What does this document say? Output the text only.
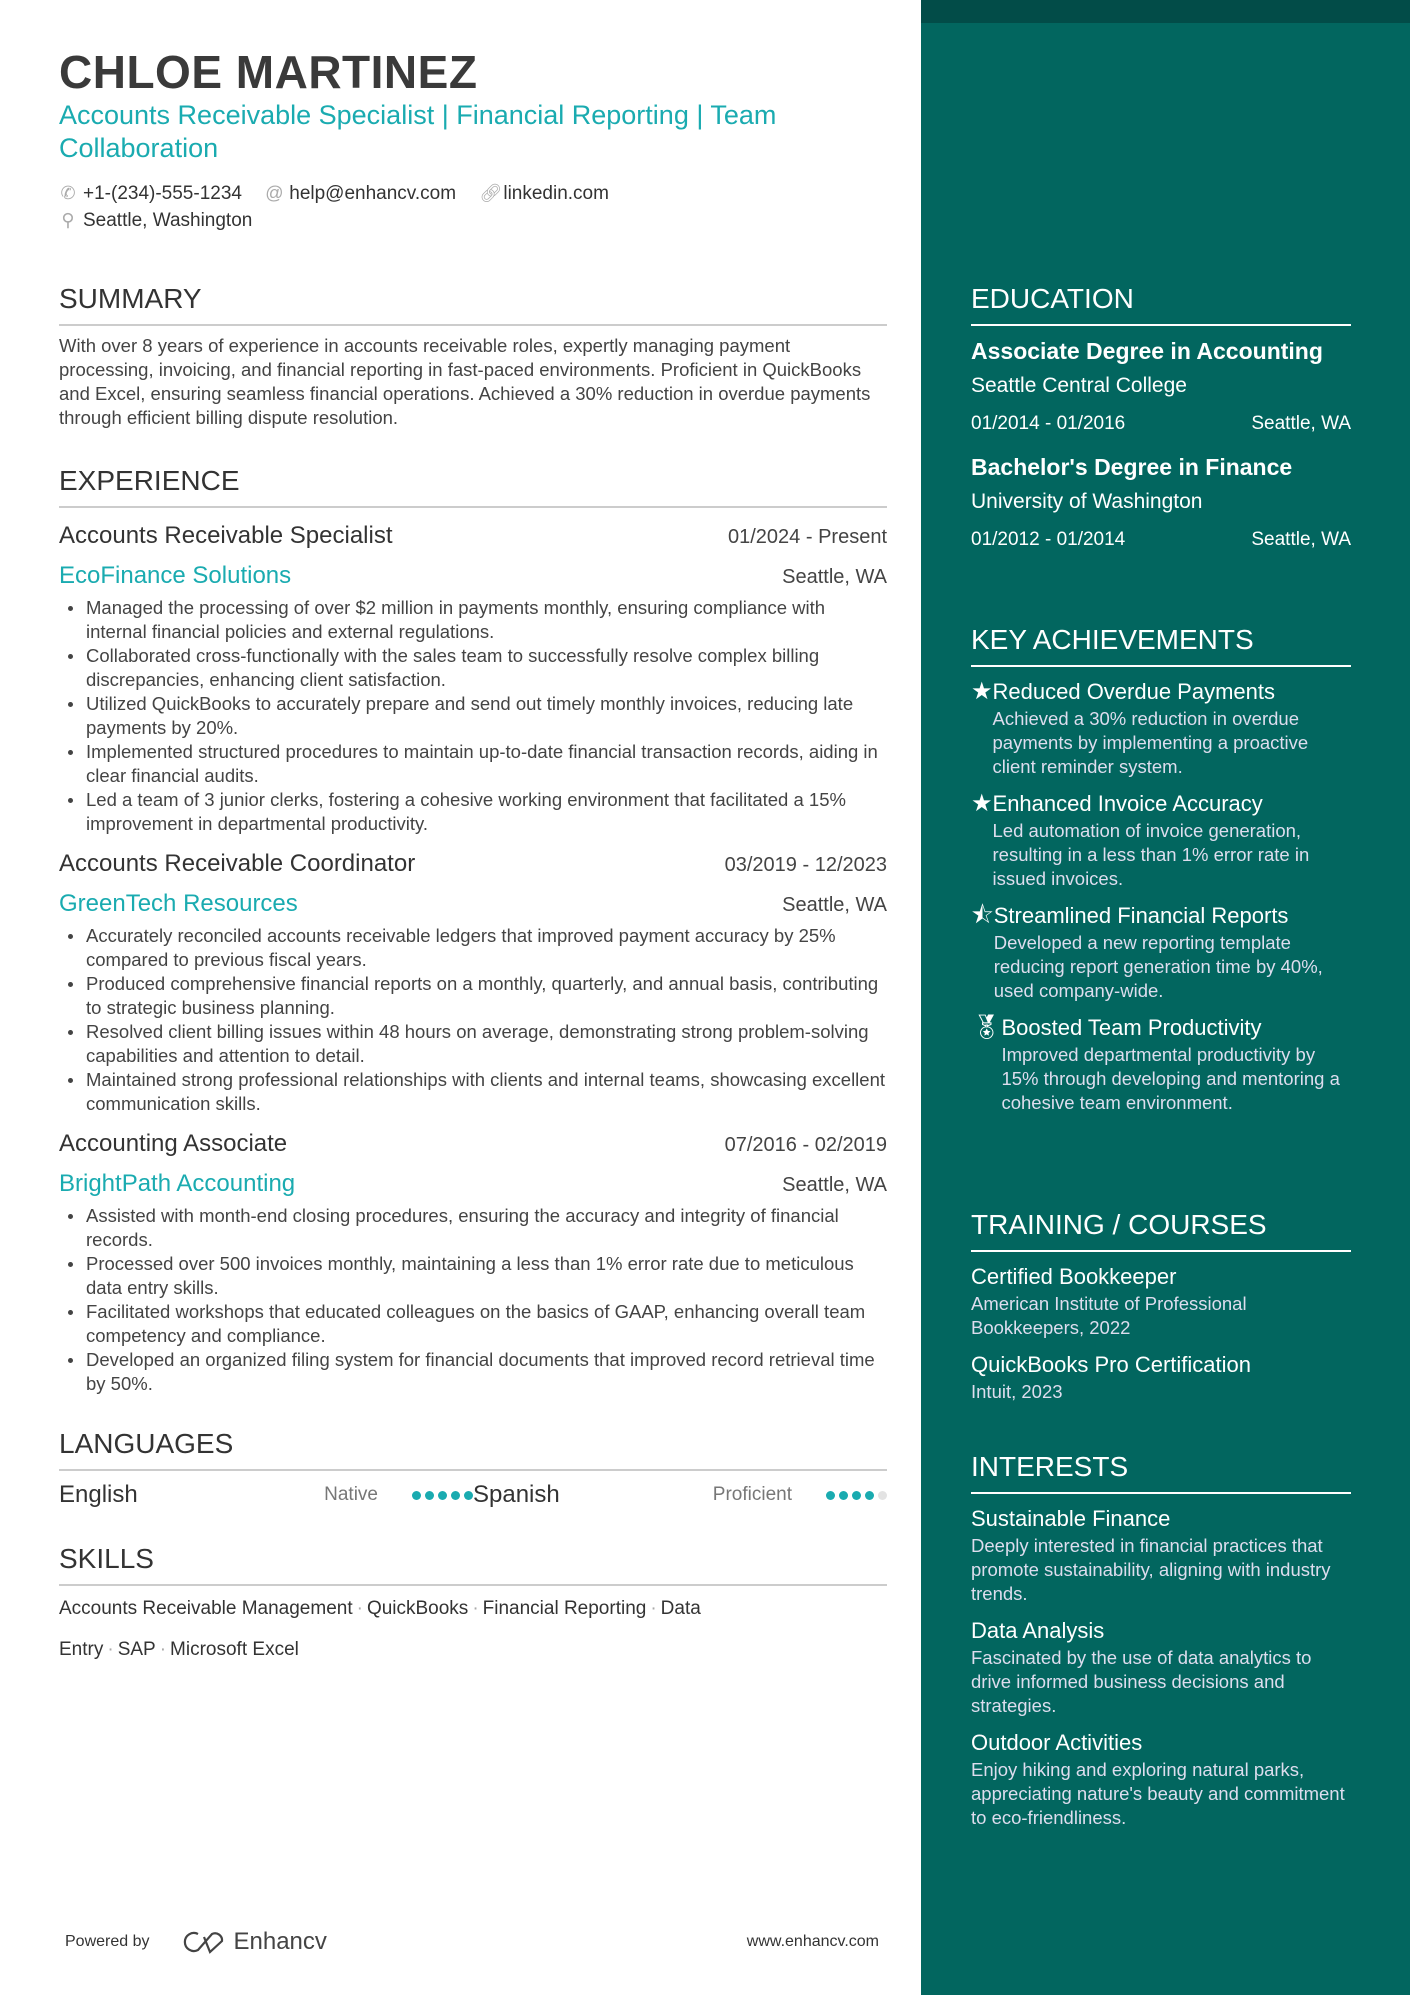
CHLOE MARTINEZ
Accounts Receivable Specialist | Financial Reporting | Team Collaboration
✆ +1-(234)-555-1234
@ help@enhancv.com
🔗︎ linkedin.com
⚲ Seattle, Washington
SUMMARY
With over 8 years of experience in accounts receivable roles, expertly managing payment processing, invoicing, and financial reporting in fast-paced environments. Proficient in QuickBooks and Excel, ensuring seamless financial operations. Achieved a 30% reduction in overdue payments through efficient billing dispute resolution.
EXPERIENCE
Accounts Receivable Specialist	01/2024 - Present
EcoFinance Solutions	Seattle, WA
Managed the processing of over $2 million in payments monthly, ensuring compliance with internal financial policies and external regulations.
Collaborated cross-functionally with the sales team to successfully resolve complex billing discrepancies, enhancing client satisfaction.
Utilized QuickBooks to accurately prepare and send out timely monthly invoices, reducing late payments by 20%.
Implemented structured procedures to maintain up-to-date financial transaction records, aiding in clear financial audits.
Led a team of 3 junior clerks, fostering a cohesive working environment that facilitated a 15% improvement in departmental productivity.
Accounts Receivable Coordinator	03/2019 - 12/2023
GreenTech Resources	Seattle, WA
Accurately reconciled accounts receivable ledgers that improved payment accuracy by 25% compared to previous fiscal years.
Produced comprehensive financial reports on a monthly, quarterly, and annual basis, contributing to strategic business planning.
Resolved client billing issues within 48 hours on average, demonstrating strong problem-solving capabilities and attention to detail.
Maintained strong professional relationships with clients and internal teams, showcasing excellent communication skills.
Accounting Associate	07/2016 - 02/2019
BrightPath Accounting	Seattle, WA
Assisted with month-end closing procedures, ensuring the accuracy and integrity of financial records.
Processed over 500 invoices monthly, maintaining a less than 1% error rate due to meticulous data entry skills.
Facilitated workshops that educated colleagues on the basics of GAAP, enhancing overall team competency and compliance.
Developed an organized filing system for financial documents that improved record retrieval time by 50%.
LANGUAGES
English	Native	Spanish	Proficient
SKILLS
Accounts Receivable Management · QuickBooks · Financial Reporting · Data Entry · SAP · Microsoft Excel
Powered by	Enhancv	www.enhancv.com
EDUCATION
Associate Degree in Accounting
Seattle Central College
01/2014 - 01/2016	Seattle, WA
Bachelor's Degree in Finance
University of Washington
01/2012 - 01/2014	Seattle, WA
KEY ACHIEVEMENTS
★ Reduced Overdue Payments
Achieved a 30% reduction in overdue payments by implementing a proactive client reminder system.
★ Enhanced Invoice Accuracy
Led automation of invoice generation, resulting in a less than 1% error rate in issued invoices.
⯪ Streamlined Financial Reports
Developed a new reporting template reducing report generation time by 40%, used company-wide.
🏅︎ Boosted Team Productivity
Improved departmental productivity by 15% through developing and mentoring a cohesive team environment.
TRAINING / COURSES
Certified Bookkeeper
American Institute of Professional Bookkeepers, 2022
QuickBooks Pro Certification
Intuit, 2023
INTERESTS
Sustainable Finance
Deeply interested in financial practices that promote sustainability, aligning with industry trends.
Data Analysis
Fascinated by the use of data analytics to drive informed business decisions and strategies.
Outdoor Activities
Enjoy hiking and exploring natural parks, appreciating nature's beauty and commitment to eco-friendliness.
